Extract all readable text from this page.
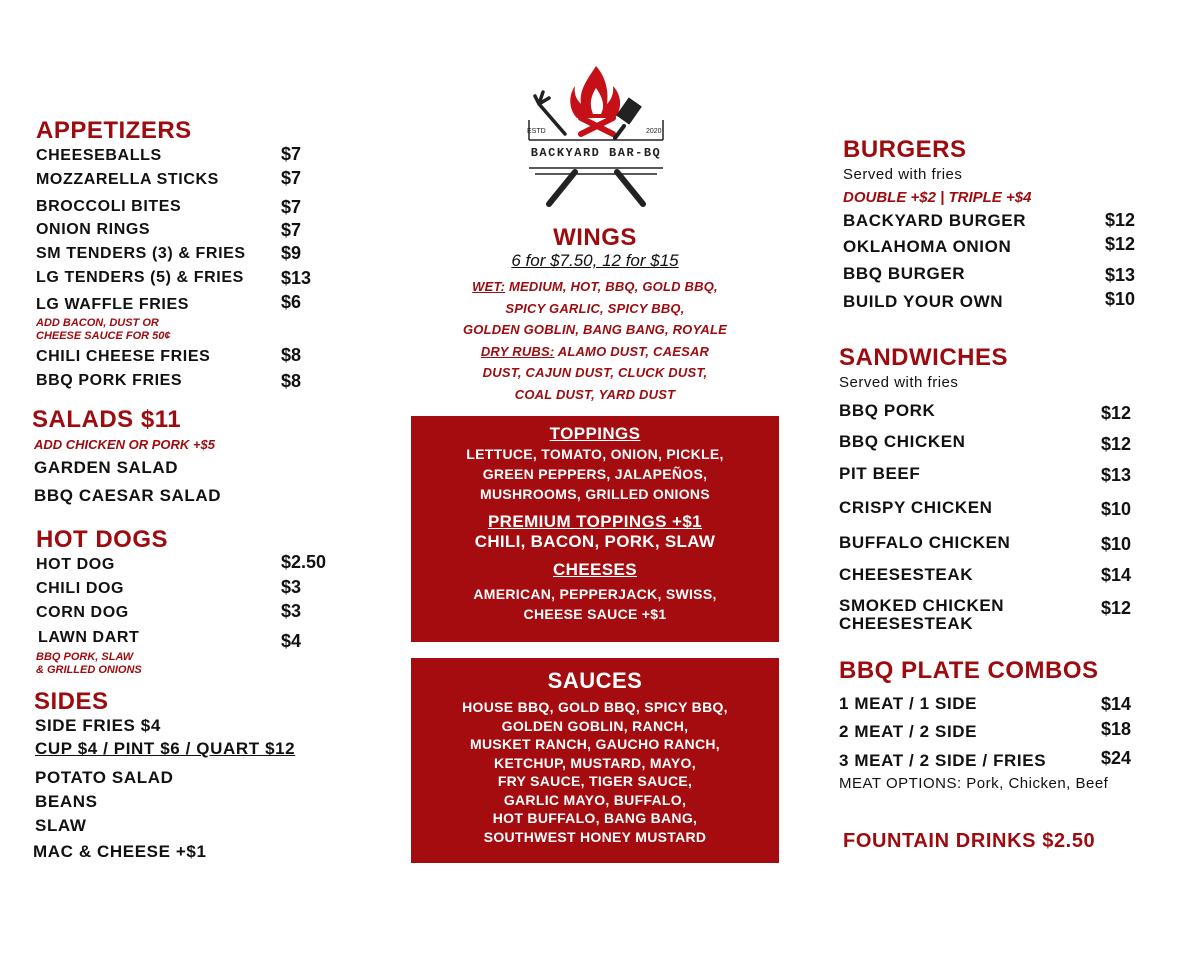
APPETIZERS
CHEESEBALLS	$7
MOZZARELLA STICKS	$7
BROCCOLI BITES	$7
ONION RINGS	$7
SM TENDERS (3) & FRIES $9
LG TENDERS (5) & FRIES $13
LG WAFFLE FRIES	$6
ADD BACON, DUST OR
CHEESE SAUCE FOR 50¢
CHILI CHEESE FRIES	$8
BBQ PORK FRIES	$8
SALADS $11
ADD CHICKEN OR PORK +$5
GARDEN SALAD
BBQ CAESAR SALAD
HOT DOGS
HOT DOG	$2.50
CHILI DOG	$3
CORN DOG	$3
LAWN DART	$4
BBQ PORK, SLAW
& GRILLED ONIONS
SIDES
SIDE FRIES $4
CUP $4 / PINT $6 / QUART $12
POTATO SALAD
BEANS
SLAW
MAC & CHEESE +$1
ESTD	2020
BACKYARD BAR-BQ
WINGS
6 for $7.50, 12 for $15
WET: MEDIUM, HOT, BBQ, GOLD BBQ,
SPICY GARLIC, SPICY BBQ,
GOLDEN GOBLIN, BANG BANG, ROYALE
DRY RUBS: ALAMO DUST, CAESAR
DUST, CAJUN DUST, CLUCK DUST,
COAL DUST, YARD DUST
TOPPINGS
LETTUCE, TOMATO, ONION, PICKLE,
GREEN PEPPERS, JALAPEÑOS,
MUSHROOMS, GRILLED ONIONS
PREMIUM TOPPINGS +$1
CHILI, BACON, PORK, SLAW
CHEESES
AMERICAN, PEPPERJACK, SWISS,
CHEESE SAUCE +$1
SAUCES
HOUSE BBQ, GOLD BBQ, SPICY BBQ,
GOLDEN GOBLIN, RANCH,
MUSKET RANCH, GAUCHO RANCH,
KETCHUP, MUSTARD, MAYO,
FRY SAUCE, TIGER SAUCE,
GARLIC MAYO, BUFFALO,
HOT BUFFALO, BANG BANG,
SOUTHWEST HONEY MUSTARD
BURGERS
Served with fries
DOUBLE +$2 | TRIPLE +$4
BACKYARD BURGER	$12
OKLAHOMA ONION	$12
BBQ BURGER	$13
BUILD YOUR OWN	$10
SANDWICHES
Served with fries
BBQ PORK	$12
BBQ CHICKEN	$12
PIT BEEF	$13
CRISPY CHICKEN	$10
BUFFALO CHICKEN	$10
CHEESESTEAK	$14
SMOKED CHICKEN
CHEESESTEAK
$12
BBQ PLATE COMBOS
1 MEAT / 1 SIDE	$14
2 MEAT / 2 SIDE	$18
3 MEAT / 2 SIDE / FRIES	$24
MEAT OPTIONS: Pork, Chicken, Beef
FOUNTAIN DRINKS $2.50
